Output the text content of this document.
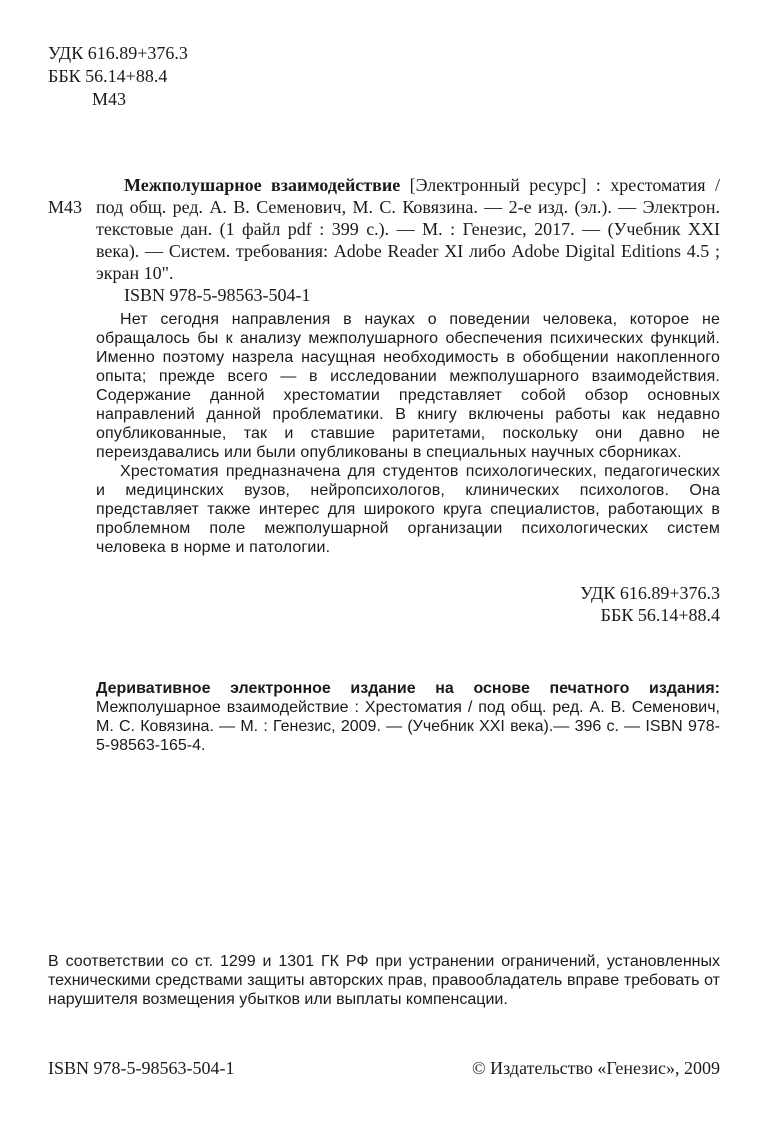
УДК 616.89+376.3
ББК 56.14+88.4
М43
М43
Межполушарное взаимодействие [Электронный ресурс] : хрестоматия / под общ. ред. А. В. Семенович, М. С. Ковязина. — 2-е изд. (эл.). — Электрон. текстовые дан. (1 файл pdf : 399 с.). — М. : Генезис, 2017. — (Учебник XXI века). — Систем. требования: Adobe Reader XI либо Adobe Digital Editions 4.5 ; экран 10".
ISBN 978-5-98563-504-1

Нет сегодня направления в науках о поведении человека, которое не обращалось бы к анализу межполушарного обеспечения психических функций. Именно поэтому назрела насущная необходимость в обобщении накопленного опыта; прежде всего — в исследовании межполушарного взаимодействия. Содержание данной хрестоматии представляет собой обзор основных направлений данной проблематики. В книгу включены работы как недавно опубликованные, так и ставшие раритетами, поскольку они давно не переиздавались или были опубликованы в специальных научных сборниках.

Хрестоматия предназначена для студентов психологических, педагогических и медицинских вузов, нейропсихологов, клинических психологов. Она представляет также интерес для широкого круга специалистов, работающих в проблемном поле межполушарной организации психологических систем человека в норме и патологии.

УДК 616.89+376.3
ББК 56.14+88.4
Деривативное электронное издание на основе печатного издания: Межполушарное взаимодействие : Хрестоматия / под общ. ред. А. В. Семенович, М. С. Ковязина. — М. : Генезис, 2009. — (Учебник XXI века).— 396 с. — ISBN 978-5-98563-165-4.
В соответствии со ст. 1299 и 1301 ГК РФ при устранении ограничений, установленных техническими средствами защиты авторских прав, правообладатель вправе требовать от нарушителя возмещения убытков или выплаты компенсации.
ISBN 978-5-98563-504-1	© Издательство «Генезис», 2009
